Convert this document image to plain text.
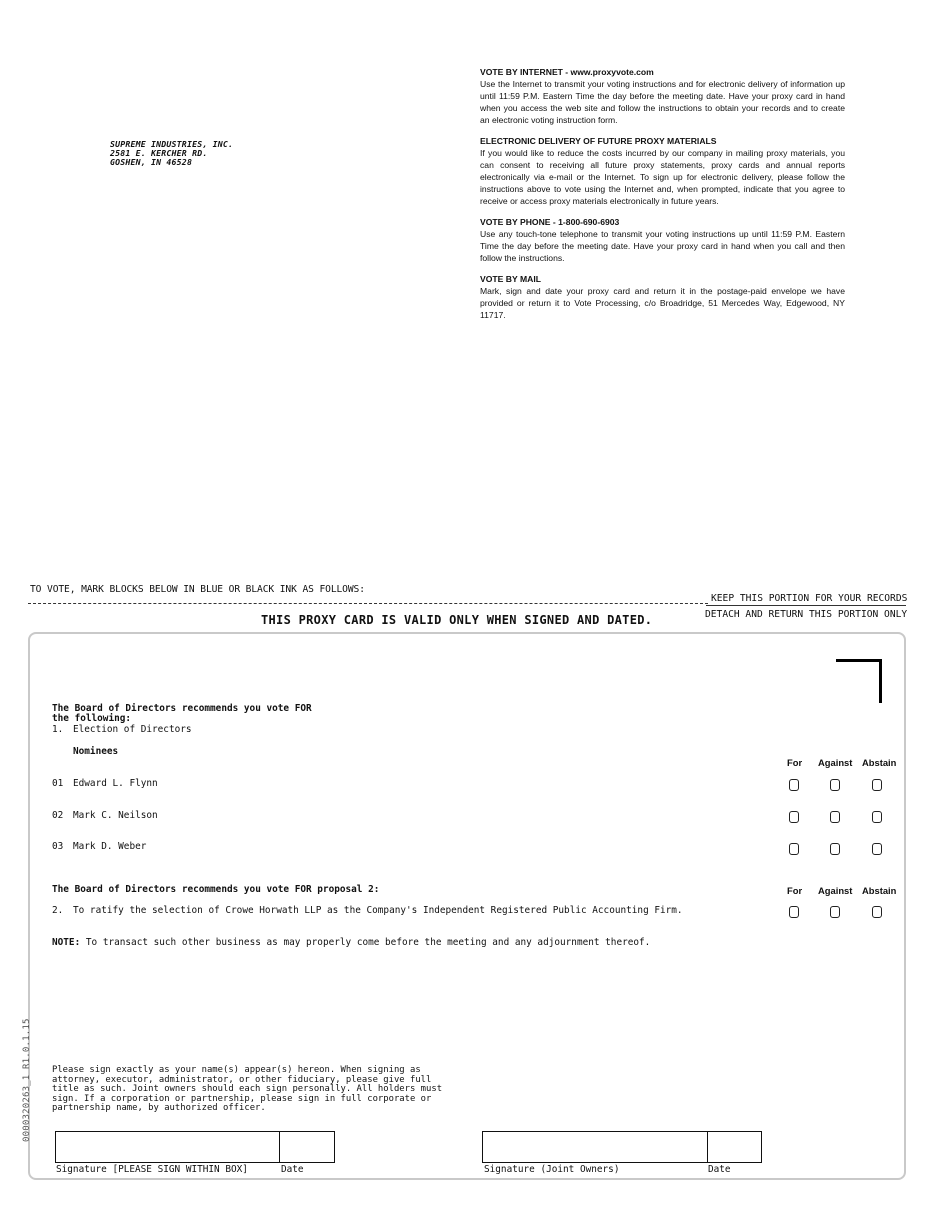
SUPREME INDUSTRIES, INC.
2581 E. KERCHER RD.
GOSHEN, IN 46528
VOTE BY INTERNET - www.proxyvote.com
Use the Internet to transmit your voting instructions and for electronic delivery of information up until 11:59 P.M. Eastern Time the day before the meeting date. Have your proxy card in hand when you access the web site and follow the instructions to obtain your records and to create an electronic voting instruction form.
ELECTRONIC DELIVERY OF FUTURE PROXY MATERIALS
If you would like to reduce the costs incurred by our company in mailing proxy materials, you can consent to receiving all future proxy statements, proxy cards and annual reports electronically via e-mail or the Internet. To sign up for electronic delivery, please follow the instructions above to vote using the Internet and, when prompted, indicate that you agree to receive or access proxy materials electronically in future years.
VOTE BY PHONE - 1-800-690-6903
Use any touch-tone telephone to transmit your voting instructions up until 11:59 P.M. Eastern Time the day before the meeting date. Have your proxy card in hand when you call and then follow the instructions.
VOTE BY MAIL
Mark, sign and date your proxy card and return it in the postage-paid envelope we have provided or return it to Vote Processing, c/o Broadridge, 51 Mercedes Way, Edgewood, NY 11717.
TO VOTE, MARK BLOCKS BELOW IN BLUE OR BLACK INK AS FOLLOWS:
KEEP THIS PORTION FOR YOUR RECORDS
DETACH AND RETURN THIS PORTION ONLY
THIS PROXY CARD IS VALID ONLY WHEN SIGNED AND DATED.
The Board of Directors recommends you vote FOR the following:
1. Election of Directors
Nominees
For Against Abstain
01 Edward L. Flynn
02 Mark C. Neilson
03 Mark D. Weber
The Board of Directors recommends you vote FOR proposal 2:	For Against Abstain
2. To ratify the selection of Crowe Horwath LLP as the Company's Independent Registered Public Accounting Firm.
NOTE: To transact such other business as may properly come before the meeting and any adjournment thereof.
0000320263_1 R1.0.1.15 Please sign exactly as your name(s) appear(s) hereon. When signing as attorney, executor, administrator, or other fiduciary, please give full title as such. Joint owners should each sign personally. All holders must sign. If a corporation or partnership, please sign in full corporate or partnership name, by authorized officer.
Signature [PLEASE SIGN WITHIN BOX]	Date	Signature (Joint Owners)	Date
